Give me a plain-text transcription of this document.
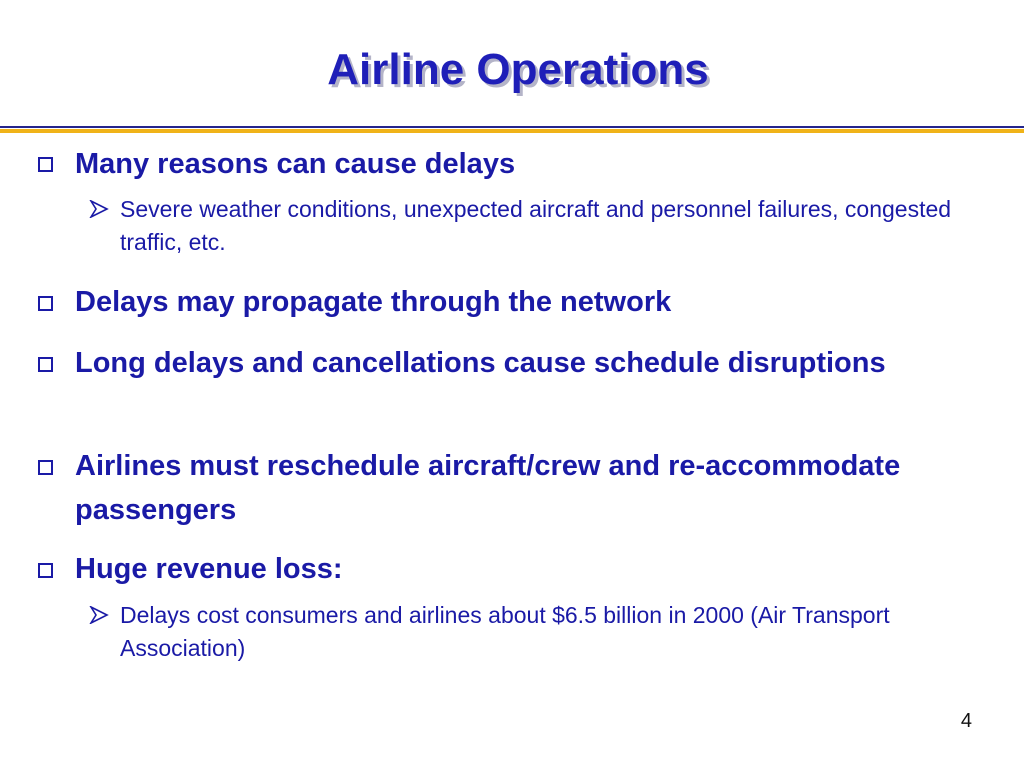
Airline Operations
Many reasons can cause delays
Severe weather conditions, unexpected aircraft and personnel failures, congested traffic, etc.
Delays may propagate through the network
Long delays and cancellations cause schedule disruptions
Airlines must reschedule aircraft/crew and re-accommodate passengers
Huge revenue loss:
Delays cost consumers and airlines about $6.5 billion in 2000 (Air Transport Association)
4
